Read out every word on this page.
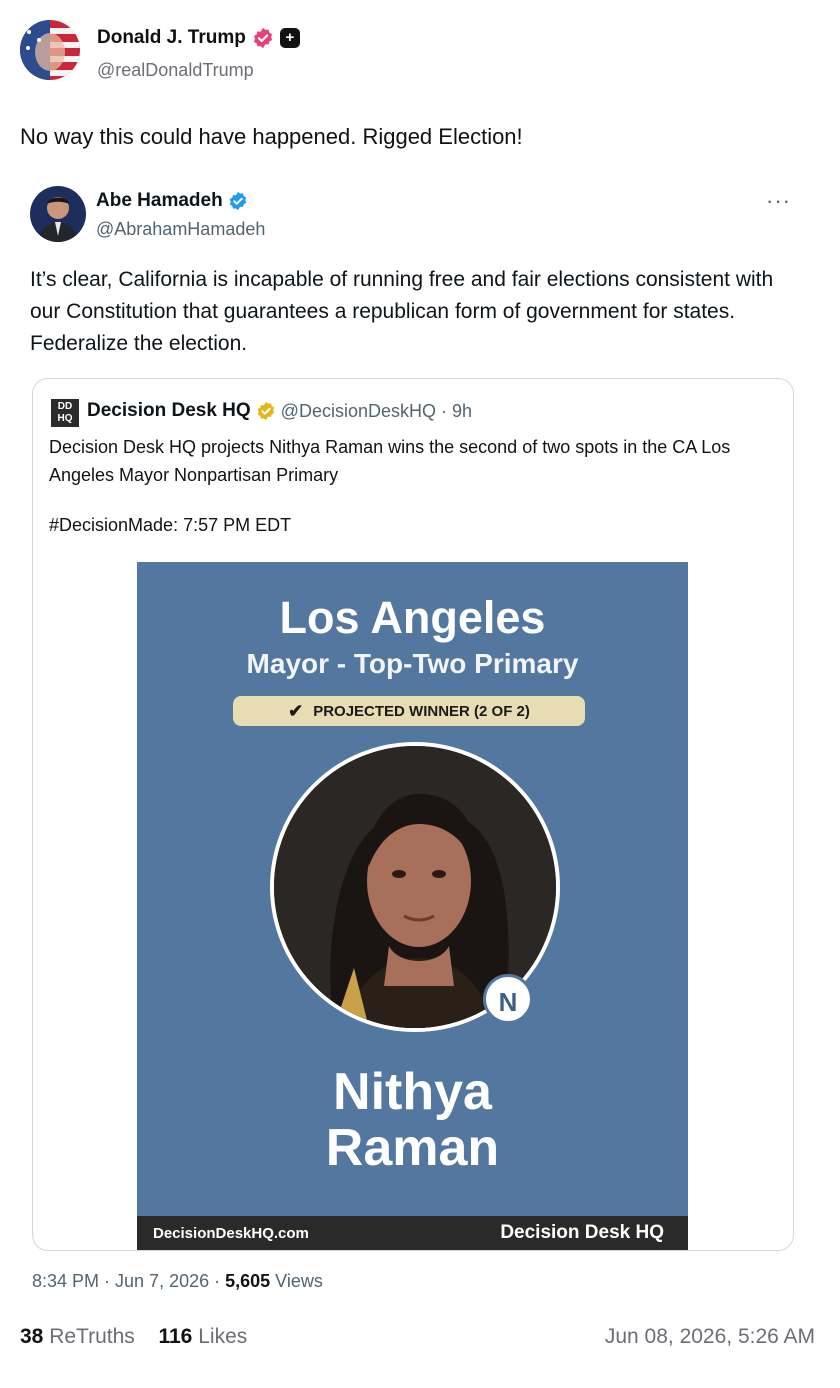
Donald J. Trump	+
@realDonaldTrump
No way this could have happened. Rigged Election!
Abe Hamadeh
@AbrahamHamadeh
···
It’s clear, California is incapable of running free and fair elections consistent with our Constitution that guarantees a republican form of government for states. Federalize the election.
DD
HQ Decision Desk HQ @DecisionDeskHQ · 9h
Decision Desk HQ projects Nithya Raman wins the second of two spots in the CA Los Angeles Mayor Nonpartisan Primary
#DecisionMade: 7:57 PM EDT
Los Angeles
Mayor - Top-Two Primary
✔ PROJECTED WINNER (2 OF 2)
N
Nithya
Raman
DecisionDeskHQ.com	Decision Desk HQ
8:34 PM · Jun 7, 2026 · 5,605 Views
38 ReTruths 116 Likes	Jun 08, 2026, 5:26 AM
